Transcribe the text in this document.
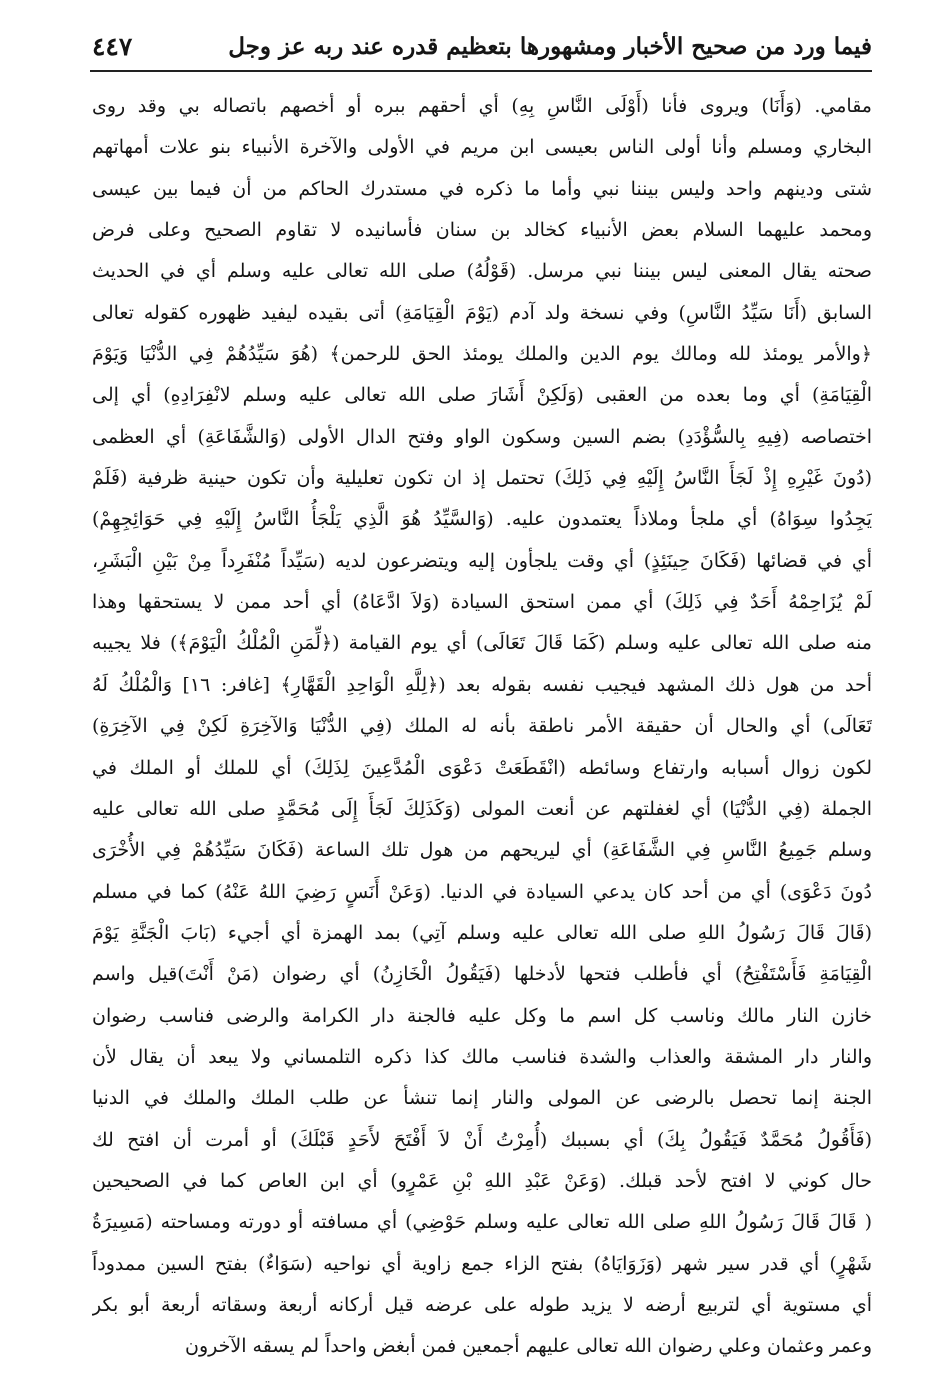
فيما ورد من صحيح الأخبار ومشهورها بتعظيم قدره عند ربه عز وجل
٤٤٧
مقامي. (وَأَنَا) ويروى فأنا (أَوْلَى النَّاسِ بِهِ) أي أحقهم ببره أو أخصهم باتصاله بي وقد روى
البخاري ومسلم وأنا أولى الناس بعيسى ابن مريم في الأولى والآخرة الأنبياء بنو علات أمهاتهم
شتى ودينهم واحد وليس بيننا نبي وأما ما ذكره في مستدرك الحاكم من أن فيما بين عيسى
ومحمد عليهما السلام بعض الأنبياء كخالد بن سنان فأسانيده لا تقاوم الصحيح وعلى فرض
صحته يقال المعنى ليس بيننا نبي مرسل. (قَوْلُهُ) صلى الله تعالى عليه وسلم أي في الحديث
السابق (أَنَا سَيِّدُ النَّاسِ) وفي نسخة ولد آدم (يَوْمَ الْقِيَامَةِ) أتى بقيده ليفيد ظهوره كقوله تعالى
﴿والأمر يومئذ لله ومالك يوم الدين والملك يومئذ الحق للرحمن﴾ (هُوَ سَيِّدُهُمْ فِي الدُّنْيَا وَيَوْمَ
الْقِيَامَةِ) أي وما بعده من العقبى (وَلَكِنْ أَشَارَ صلى الله تعالى عليه وسلم لانْفِرَادِهِ) أي إلى
اختصاصه (فِيهِ بِالسُّؤْدَدِ) بضم السين وسكون الواو وفتح الدال الأولى (وَالشَّفَاعَةِ) أي العظمى
(دُونَ غَيْرِهِ إِذْ لَجَأَ النَّاسُ إِلَيْهِ فِي ذَلِكَ) تحتمل إذ ان تكون تعليلية وأن تكون حينية ظرفية (فَلَمْ
يَجِدُوا سِوَاهُ) أي ملجأ وملاذاً يعتمدون عليه. (وَالسَّيِّدُ هُوَ الَّذِي يَلْجَأُ النَّاسُ إِلَيْهِ فِي حَوَائِجِهِمْ)
أي في قضائها (فَكَانَ حِينَئِذٍ) أي وقت يلجأون إليه ويتضرعون لديه (سَيِّداً مُنْفَرِداً مِنْ بَيْنِ الْبَشَرِ،
لَمْ يُزَاحِمْهُ أَحَدٌ فِي ذَلِكَ) أي ممن استحق السيادة (وَلاَ ادَّعَاهُ) أي أحد ممن لا يستحقها وهذا
منه صلى الله تعالى عليه وسلم (كَمَا قَالَ تَعَالَى) أي يوم القيامة (﴿لِّمَنِ الْمُلْكُ الْيَوْمَ﴾) فلا يجيبه
أحد من هول ذلك المشهد فيجيب نفسه بقوله بعد (﴿لِلَّهِ الْوَاحِدِ الْقَهَّارِ﴾ [غافر: ١٦] وَالْمُلْكُ لَهُ
تَعَالَى) أي والحال أن حقيقة الأمر ناطقة بأنه له الملك (فِي الدُّنْيَا وَالآخِرَةِ لَكِنْ فِي الآخِرَةِ)
لكون زوال أسبابه وارتفاع وسائطه (انْقَطَعَتْ دَعْوَى الْمُدَّعِينَ لِذَلِكَ) أي للملك أو الملك في
الجملة (فِي الدُّنْيَا) أي لغفلتهم عن أنعت المولى (وَكَذَلِكَ لَجَأَ إِلَى مُحَمَّدٍ صلى الله تعالى عليه
وسلم جَمِيعُ النَّاسِ فِي الشَّفَاعَةِ) أي ليريحهم من هول تلك الساعة (فَكَانَ سَيِّدُهُمْ فِي الأُخْرَى
دُونَ دَعْوَى) أي من أحد كان يدعي السيادة في الدنيا. (وَعَنْ أَنَسٍ رَضِيَ اللهُ عَنْهُ) كما في مسلم
(قَالَ قَالَ رَسُولُ اللهِ صلى الله تعالى عليه وسلم آتِي) بمد الهمزة أي أجيء (بَابَ الْجَنَّةِ يَوْمَ
الْقِيَامَةِ فَأَسْتَفْتِحُ) أي فأطلب فتحها لأدخلها (فَيَقُولُ الْخَازِنُ) أي رضوان (مَنْ أَنْتَ)قيل واسم
خازن النار مالك وناسب كل اسم ما وكل عليه فالجنة دار الكرامة والرضى فناسب رضوان
والنار دار المشقة والعذاب والشدة فناسب مالك كذا ذكره التلمساني ولا يبعد أن يقال لأن
الجنة إنما تحصل بالرضى عن المولى والنار إنما تنشأ عن طلب الملك والملك في الدنيا
(فَأَقُولُ مُحَمَّدٌ فَيَقُولُ بِكَ) أي بسببك (أُمِرْتُ أَنْ لاَ أَفْتَحَ لأَحَدٍ قَبْلَكَ) أو أمرت أن افتح لك
حال كوني لا افتح لأحد قبلك. (وَعَنْ عَبْدِ اللهِ بْنِ عَمْرٍو) أي ابن العاص كما في الصحيحين
( قَالَ قَالَ رَسُولُ اللهِ صلى الله تعالى عليه وسلم حَوْضِي) أي مسافته أو دورته ومساحته (مَسِيرَةُ
شَهْرٍ) أي قدر سير شهر (وَزَوَايَاهُ) بفتح الزاء جمع زاوية أي نواحيه (سَوَاءٌ) بفتح السين ممدوداً
أي مستوية أي لتربيع أرضه لا يزيد طوله على عرضه قيل أركانه أربعة وسقاته أربعة أبو بكر
وعمر وعثمان وعلي رضوان الله تعالى عليهم أجمعين فمن أبغض واحداً لم يسقه الآخرون
